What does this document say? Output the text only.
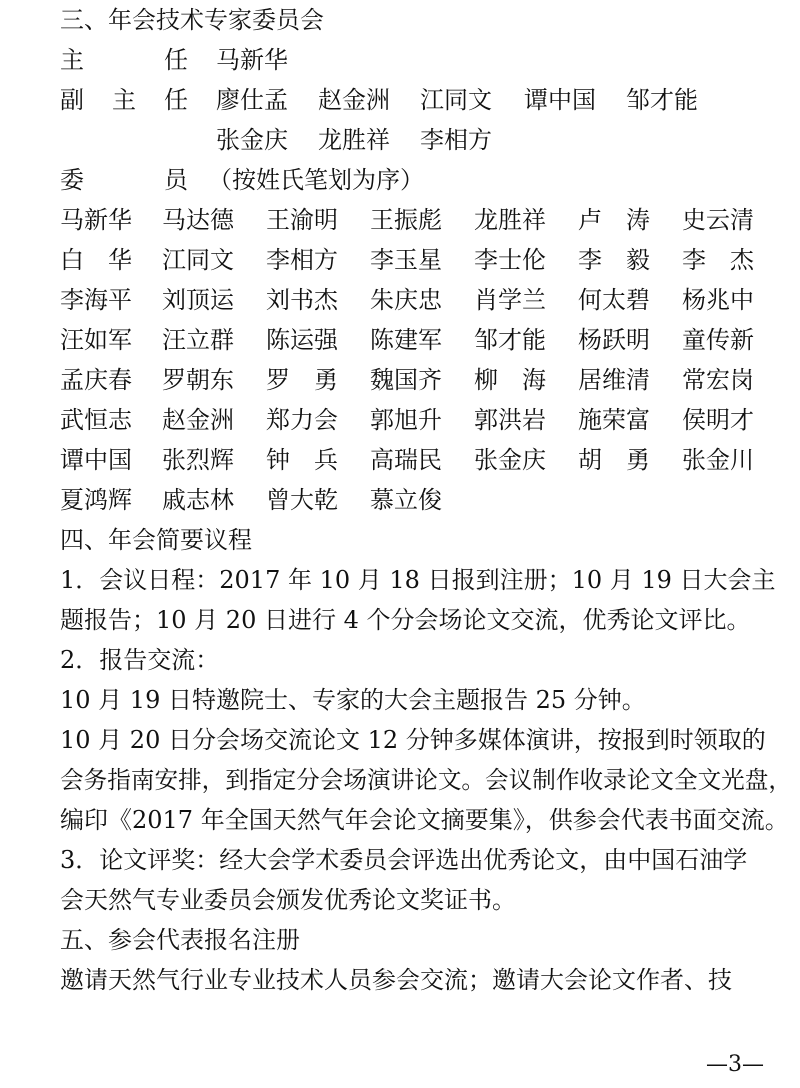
三、年会技术专家委员会
主	任 马新华
副 主 任 廖仕孟 赵金洲 江同文 谭中国 邹才能
张金庆 龙胜祥 李相方
委	员 （按姓氏笔划为序）
马新华 马达德 王渝明 王振彪 龙胜祥 卢　涛 史云清
白　华 江同文 李相方 李玉星 李士伦 李　毅 李　杰
李海平 刘顶运 刘书杰 朱庆忠 肖学兰 何太碧 杨兆中
汪如军 汪立群 陈运强 陈建军 邹才能 杨跃明 童传新
孟庆春 罗朝东 罗　勇 魏国齐 柳　海 居维清 常宏岗
武恒志 赵金洲 郑力会 郭旭升 郭洪岩 施荣富 侯明才
谭中国 张烈辉 钟　兵 高瑞民 张金庆 胡　勇 张金川
夏鸿辉 戚志林 曾大乾 慕立俊
四、年会简要议程
1．会议日程：2017 年 10 月 18 日报到注册；10 月 19 日大会主
题报告；10 月 20 日进行 4 个分会场论文交流，优秀论文评比。
2．报告交流：
10 月 19 日特邀院士、专家的大会主题报告 25 分钟。
10 月 20 日分会场交流论文 12 分钟多媒体演讲，按报到时领取的
会务指南安排，到指定分会场演讲论文。会议制作收录论文全文光盘，
编印《2017 年全国天然气年会论文摘要集》，供参会代表书面交流。
3．论文评奖：经大会学术委员会评选出优秀论文，由中国石油学
会天然气专业委员会颁发优秀论文奖证书。
五、参会代表报名注册
邀请天然气行业专业技术人员参会交流；邀请大会论文作者、技
—3—
